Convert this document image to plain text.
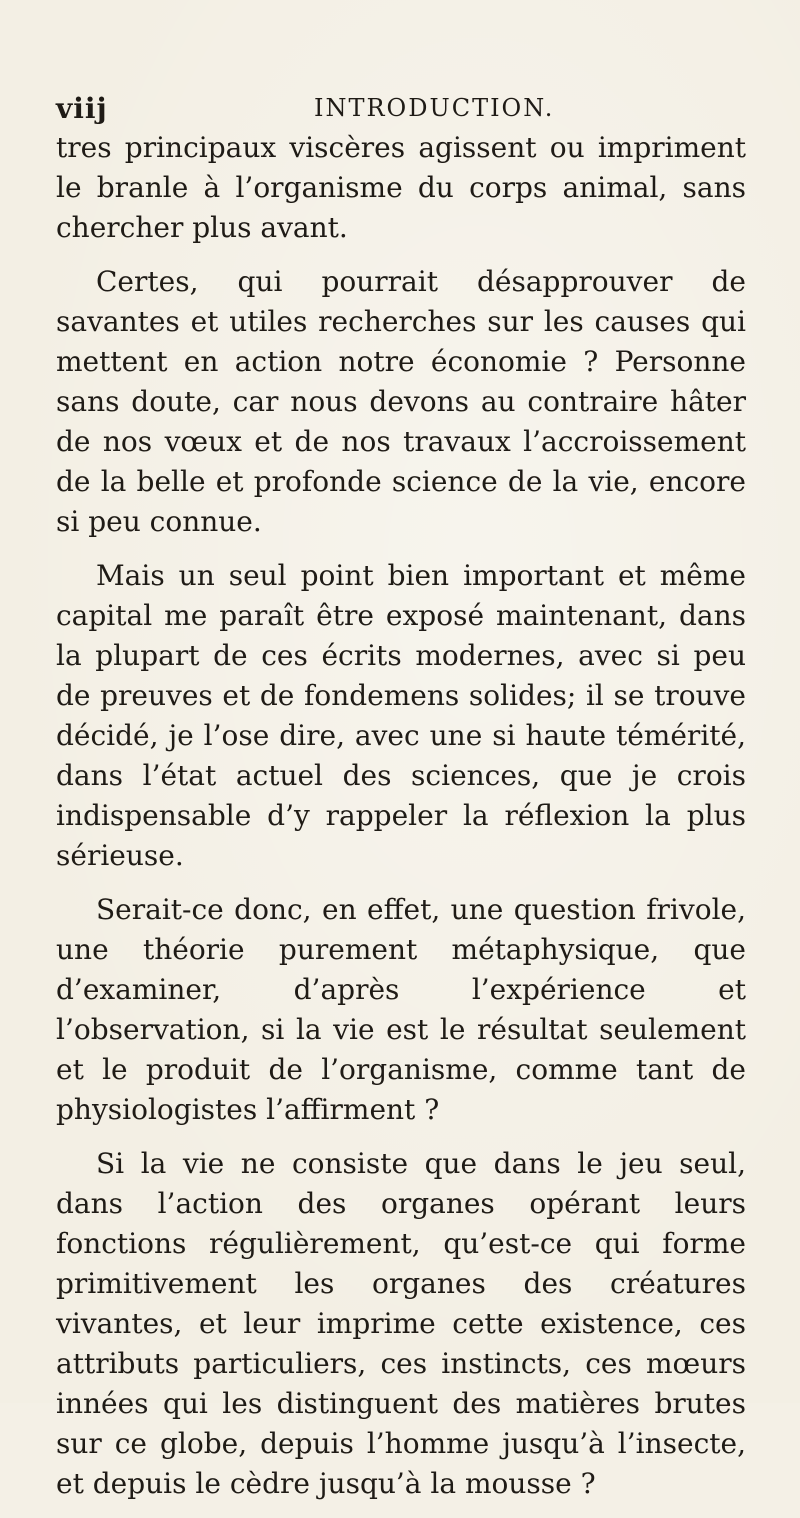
viij	INTRODUCTION.

tres principaux viscères agissent ou impriment le branle à l’organisme du corps animal, sans chercher plus avant.

Certes, qui pourrait désapprouver de savantes et utiles recherches sur les causes qui mettent en action notre économie ? Personne sans doute, car nous devons au contraire hâter de nos vœux et de nos travaux l’accroissement de la belle et profonde science de la vie, encore si peu connue.

Mais un seul point bien important et même capital me paraît être exposé maintenant, dans la plupart de ces écrits modernes, avec si peu de preuves et de fondemens solides; il se trouve décidé, je l’ose dire, avec une si haute témérité, dans l’état actuel des sciences, que je crois indispensable d’y rappeler la réflexion la plus sérieuse.

Serait-ce donc, en effet, une question frivole, une théorie purement métaphysique, que d’examiner, d’après l’expérience et l’observation, si la vie est le résultat seulement et le produit de l’organisme, comme tant de physiologistes l’affirment ?

Si la vie ne consiste que dans le jeu seul, dans l’action des organes opérant leurs fonctions régulièrement, qu’est-ce qui forme primitivement les organes des créatures vivantes, et leur imprime cette existence, ces attributs particuliers, ces instincts, ces mœurs innées qui les distinguent des matières brutes sur ce globe, depuis l’homme jusqu’à l’insecte, et depuis le cèdre jusqu’à la mousse ?
